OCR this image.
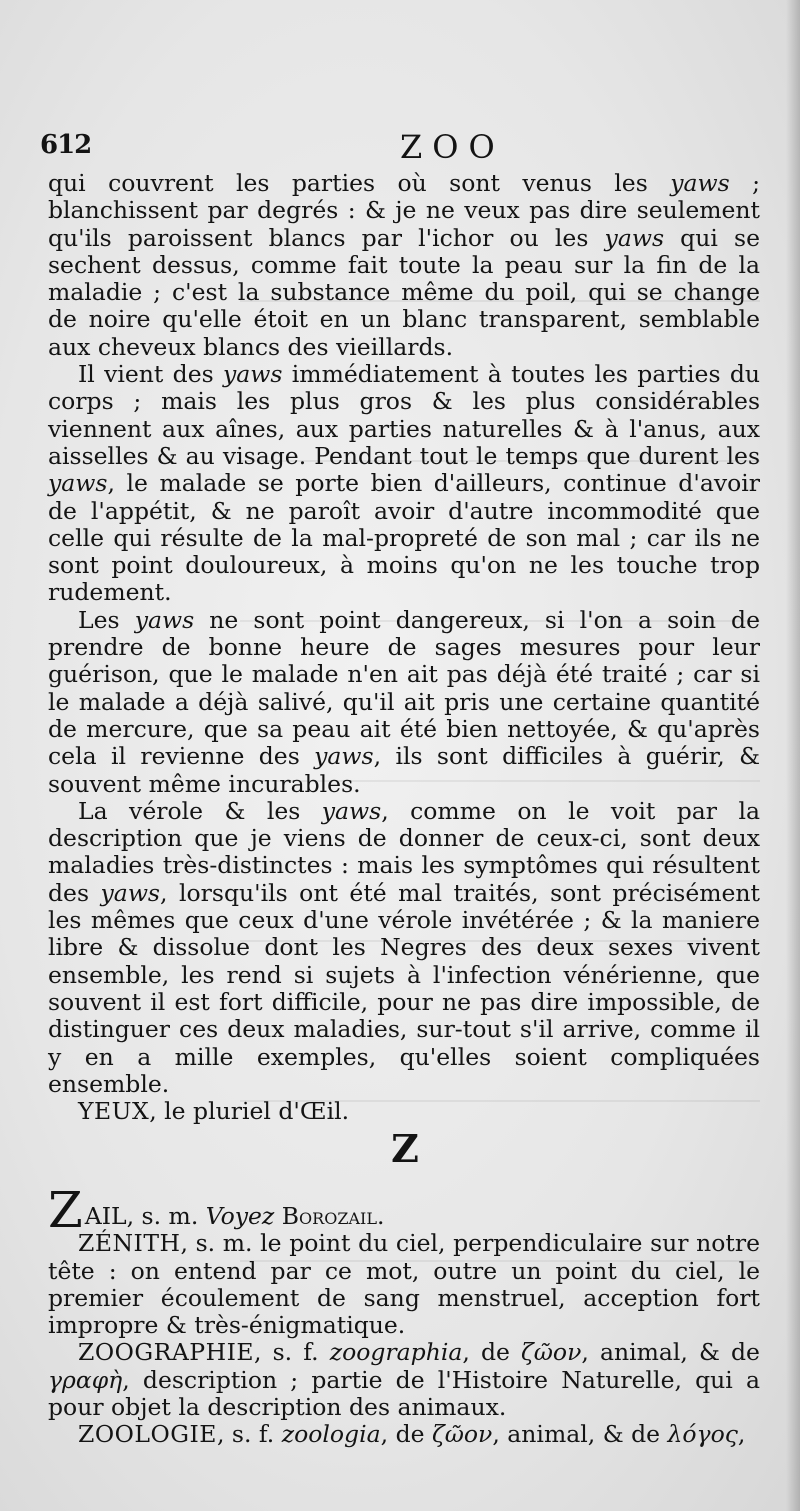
612	ZOO

qui couvrent les parties où sont venus les yaws ; blanchissent par degrés : & je ne veux pas dire seulement qu'ils paroissent blancs par l'ichor ou les yaws qui se sechent dessus, comme fait toute la peau sur la fin de la maladie ; c'est la substance même du poil, qui se change de noire qu'elle étoit en un blanc transparent, semblable aux cheveux blancs des vieillards.

Il vient des yaws immédiatement à toutes les parties du corps ; mais les plus gros & les plus considérables viennent aux aînes, aux parties naturelles & à l'anus, aux aisselles & au visage. Pendant tout le temps que durent les yaws, le malade se porte bien d'ailleurs, continue d'avoir de l'appétit, & ne paroît avoir d'autre incommodité que celle qui résulte de la mal-propreté de son mal ; car ils ne sont point douloureux, à moins qu'on ne les touche trop rudement.

Les yaws ne sont point dangereux, si l'on a soin de prendre de bonne heure de sages mesures pour leur guérison, que le malade n'en ait pas déjà été traité ; car si le malade a déjà salivé, qu'il ait pris une certaine quantité de mercure, que sa peau ait été bien nettoyée, & qu'après cela il revienne des yaws, ils sont difficiles à guérir, & souvent même incurables.

La vérole & les yaws, comme on le voit par la description que je viens de donner de ceux-ci, sont deux maladies très-distinctes : mais les symptômes qui résultent des yaws, lorsqu'ils ont été mal traités, sont précisément les mêmes que ceux d'une vérole invétérée ; & la maniere libre & dissolue dont les Negres des deux sexes vivent ensemble, les rend si sujets à l'infection vénérienne, que souvent il est fort difficile, pour ne pas dire impossible, de distinguer ces deux maladies, sur-tout s'il arrive, comme il y en a mille exemples, qu'elles soient compliquées ensemble.

YEUX, le pluriel d'Œil.

Z

ZAIL, s. m. Voyez Borozail.

ZÉNITH, s. m. le point du ciel, perpendiculaire sur notre tête : on entend par ce mot, outre un point du ciel, le premier écoulement de sang menstruel, acception fort impropre & très-énigmatique.

ZOOGRAPHIE, s. f. zoographia, de ζῶον, animal, & de γραφὴ, description ; partie de l'Histoire Naturelle, qui a pour objet la description des animaux.

ZOOLOGIE, s. f. zoologia, de ζῶον, animal, & de λόγος,
